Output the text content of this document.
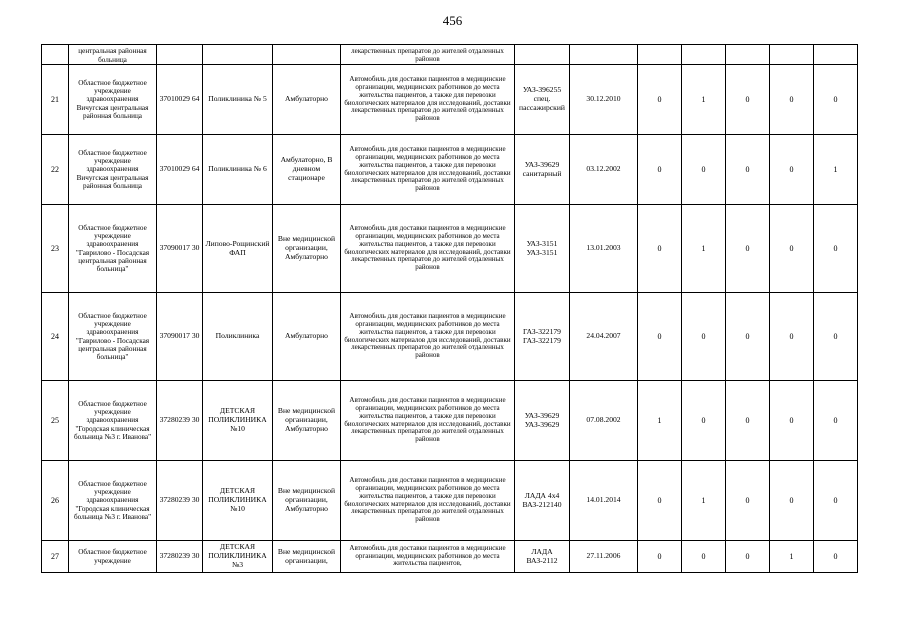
456
	центральная районная больница				лекарственных препаратов до жителей отдаленных районов							
21	Областное бюджетное учреждение здравоохранения Вичугская центральная районная больница	37010029 64	Поликлиника № 5	Амбулаторно	Автомобиль для доставки пациентов в медицинские организации, медицинских работников до места жительства пациентов, а также для перевозки биологических материалов для исследований, доставки лекарственных препаратов до жителей отдаленных районов	УАЗ-396255 спец. пассажирский	30.12.2010	0	1	0	0	0
22	Областное бюджетное учреждение здравоохранения Вичугская центральная районная больница	37010029 64	Поликлиника № 6	Амбулаторно, В дневном стационаре	Автомобиль для доставки пациентов в медицинские организации, медицинских работников до места жительства пациентов, а также для перевозки биологических материалов для исследований, доставки лекарственных препаратов до жителей отдаленных районов	УАЗ-39629 санитарный	03.12.2002	0	0	0	0	1
23	Областное бюджетное учреждение здравоохранения "Гаврилово - Посадская центральная районная больница"	37090017 30	Липово-Рощинский ФАП	Вне медицинской организации, Амбулаторно	Автомобиль для доставки пациентов в медицинские организации, медицинских работников до места жительства пациентов, а также для перевозки биологических материалов для исследований, доставки лекарственных препаратов до жителей отдаленных районов	УАЗ-3151 УАЗ-3151	13.01.2003	0	1	0	0	0
24	Областное бюджетное учреждение здравоохранения "Гаврилово - Посадская центральная районная больница"	37090017 30	Поликлиника	Амбулаторно	Автомобиль для доставки пациентов в медицинские организации, медицинских работников до места жительства пациентов, а также для перевозки биологических материалов для исследований, доставки лекарственных препаратов до жителей отдаленных районов	ГАЗ-322179 ГАЗ-322179	24.04.2007	0	0	0	0	0
25	Областное бюджетное учреждение здравоохранения "Городская клиническая больница №3 г. Иванова"	37280239 30	ДЕТСКАЯ ПОЛИКЛИНИКА №10	Вне медицинской организации, Амбулаторно	Автомобиль для доставки пациентов в медицинские организации, медицинских работников до места жительства пациентов, а также для перевозки биологических материалов для исследований, доставки лекарственных препаратов до жителей отдаленных районов	УАЗ-39629 УАЗ-39629	07.08.2002	1	0	0	0	0
26	Областное бюджетное учреждение здравоохранения "Городская клиническая больница №3 г. Иванова"	37280239 30	ДЕТСКАЯ ПОЛИКЛИНИКА №10	Вне медицинской организации, Амбулаторно	Автомобиль для доставки пациентов в медицинские организации, медицинских работников до места жительства пациентов, а также для перевозки биологических материалов для исследований, доставки лекарственных препаратов до жителей отдаленных районов	ЛАДА 4х4 ВАЗ-212140	14.01.2014	0	1	0	0	0
27	Областное бюджетное учреждение	37280239 30	ДЕТСКАЯ ПОЛИКЛИНИКА №3	Вне медицинской организации,	Автомобиль для доставки пациентов в медицинские организации, медицинских работников до места жительства пациентов,	ЛАДА ВАЗ-2112	27.11.2006	0	0	0	1	0
